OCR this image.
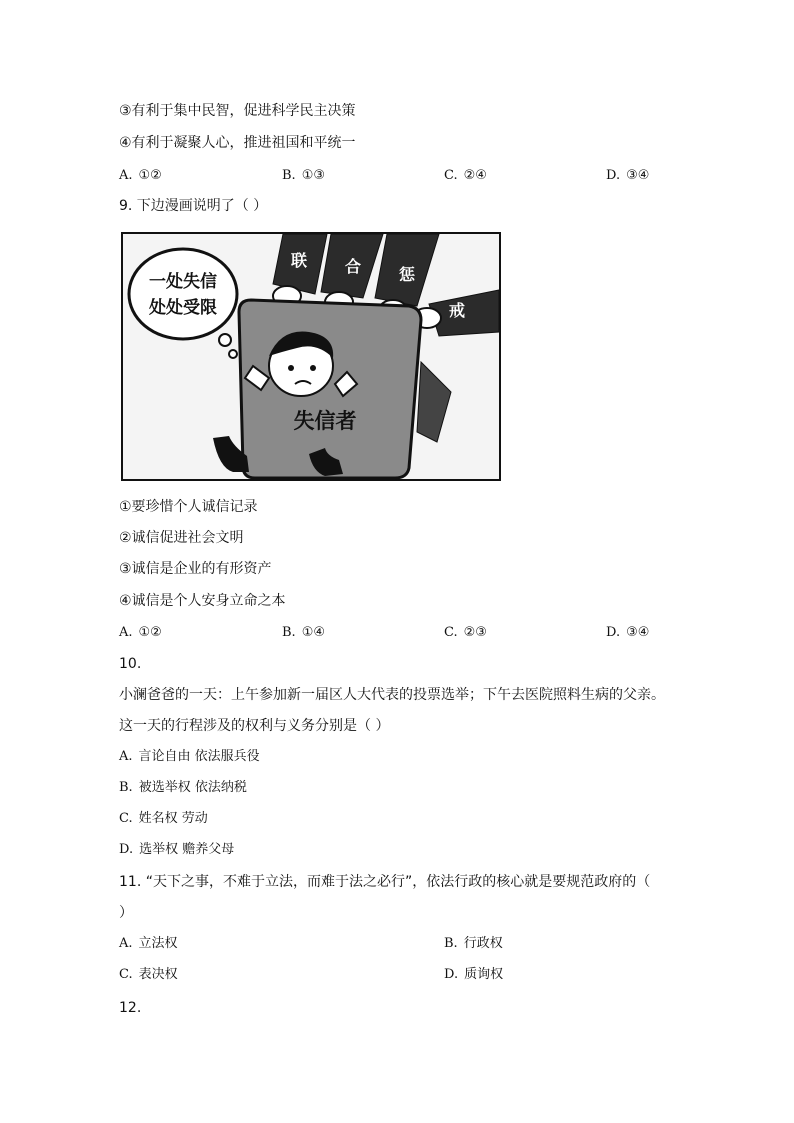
③有利于集中民智，促进科学民主决策
④有利于凝聚人心，推进祖国和平统一
A. ①②	B. ①③	C. ②④	D. ③④
9. 下边漫画说明了（ ）
一处失信
处处受限
联 合 惩
戒
失信者
①要珍惜个人诚信记录
②诚信促进社会文明
③诚信是企业的有形资产
④诚信是个人安身立命之本
A. ①②	B. ①④	C. ②③	D. ③④
10.
小澜爸爸的一天：上午参加新一届区人大代表的投票选举；下午去医院照料生病的父亲。
这一天的行程涉及的权利与义务分别是（ ）
A. 言论自由 依法服兵役
B. 被选举权 依法纳税
C. 姓名权 劳动
D. 选举权 赡养父母
11. “天下之事，不难于立法，而难于法之必行”，依法行政的核心就是要规范政府的（
）
A. 立法权	B. 行政权
C. 表决权	D. 质询权
12.
